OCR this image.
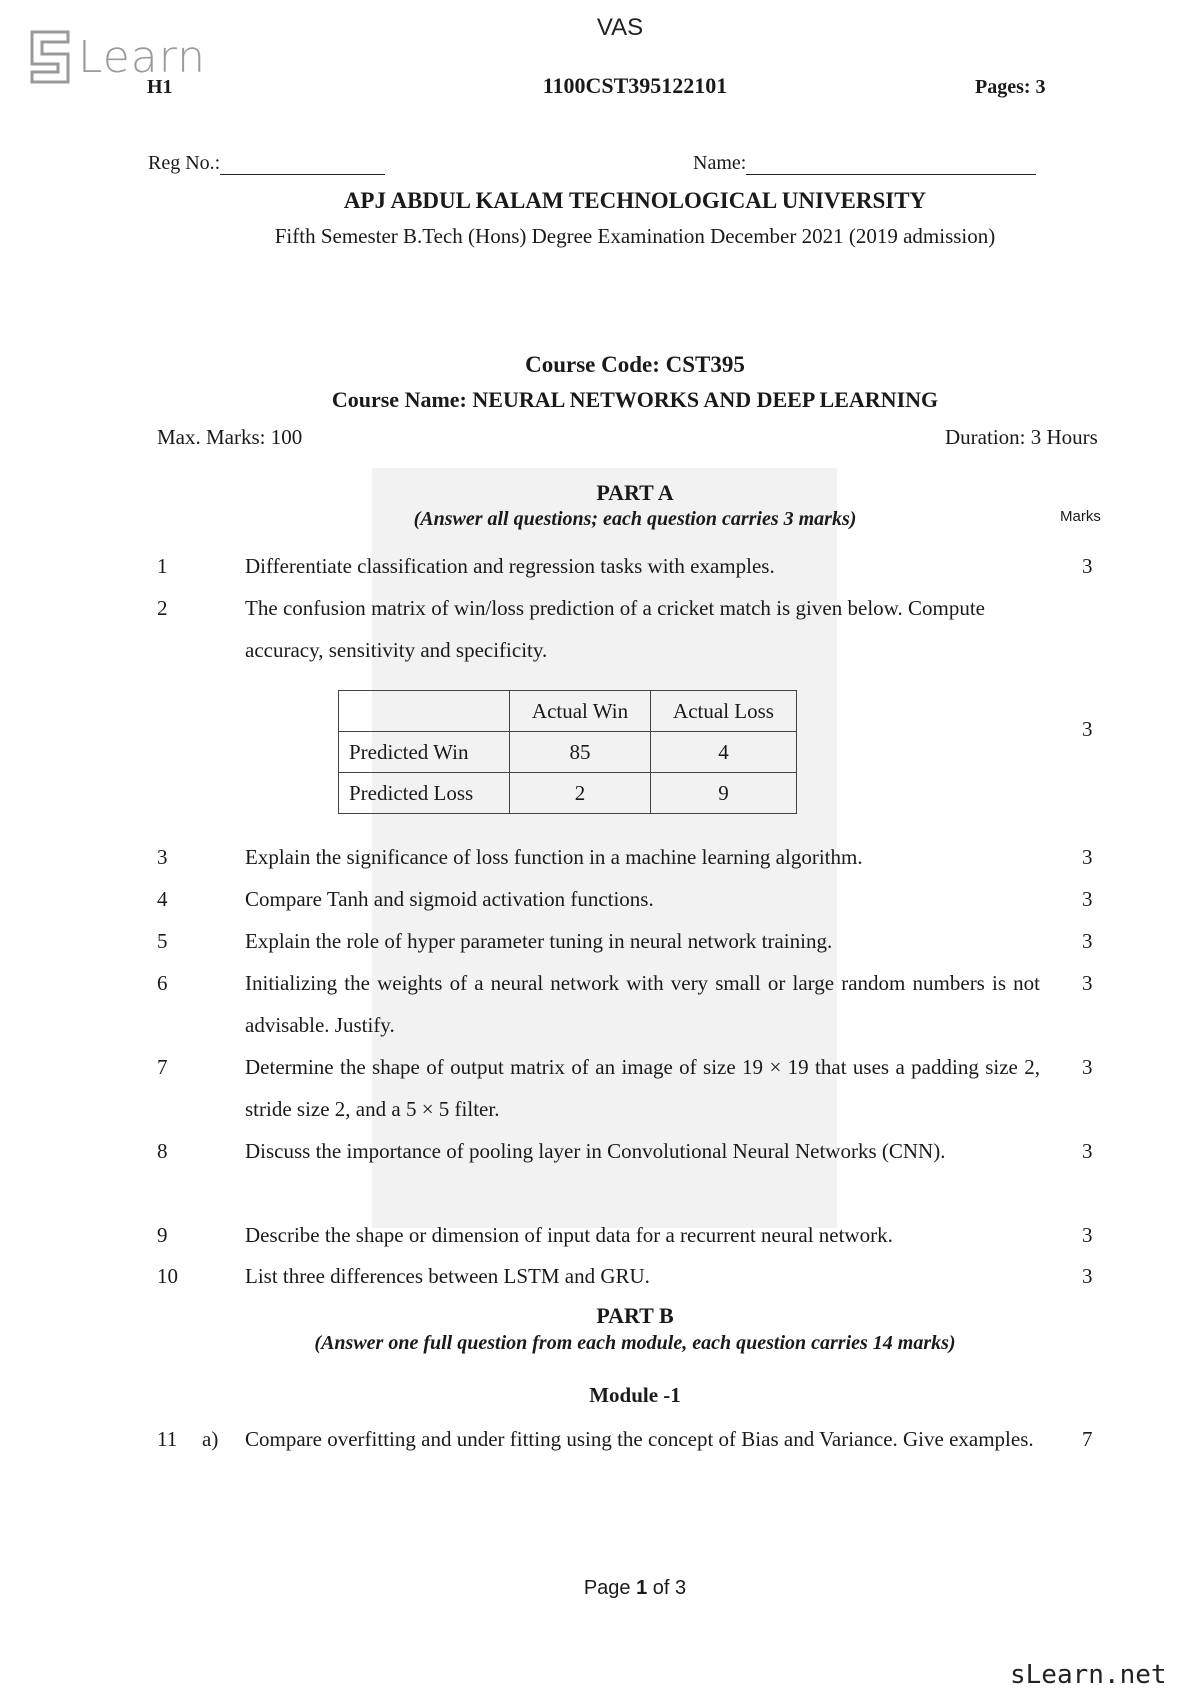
Learn
VAS
H1	1100CST395122101	Pages: 3
Reg No.:	Name:
APJ ABDUL KALAM TECHNOLOGICAL UNIVERSITY
Fifth Semester B.Tech (Hons) Degree Examination December 2021 (2019 admission)
Course Code: CST395
Course Name: NEURAL NETWORKS AND DEEP LEARNING
Max. Marks: 100	Duration: 3 Hours
PART A
(Answer all questions; each question carries 3 marks)	Marks
1	Differentiate classification and regression tasks with examples.	3
2	The confusion matrix of win/loss prediction of a cricket match is given below. Compute accuracy, sensitivity and specificity.
3
	Actual Win	Actual Loss
Predicted Win	85	4
Predicted Loss	2	9
3	Explain the significance of loss function in a machine learning algorithm.	3
4	Compare Tanh and sigmoid activation functions.	3
5	Explain the role of hyper parameter tuning in neural network training.	3
6	Initializing the weights of a neural network with very small or large random numbers is not advisable. Justify.
3
7	Determine the shape of output matrix of an image of size 19 × 19 that uses a padding size 2, stride size 2, and a 5 × 5 filter.
3
8	Discuss the importance of pooling layer in Convolutional Neural Networks (CNN).	3
9	Describe the shape or dimension of input data for a recurrent neural network.	3
10	List three differences between LSTM and GRU.	3
PART B
(Answer one full question from each module, each question carries 14 marks)
Module -1
11	a) Compare overfitting and under fitting using the concept of Bias and Variance. Give examples.	7
Page 1 of 3
sLearn.net
